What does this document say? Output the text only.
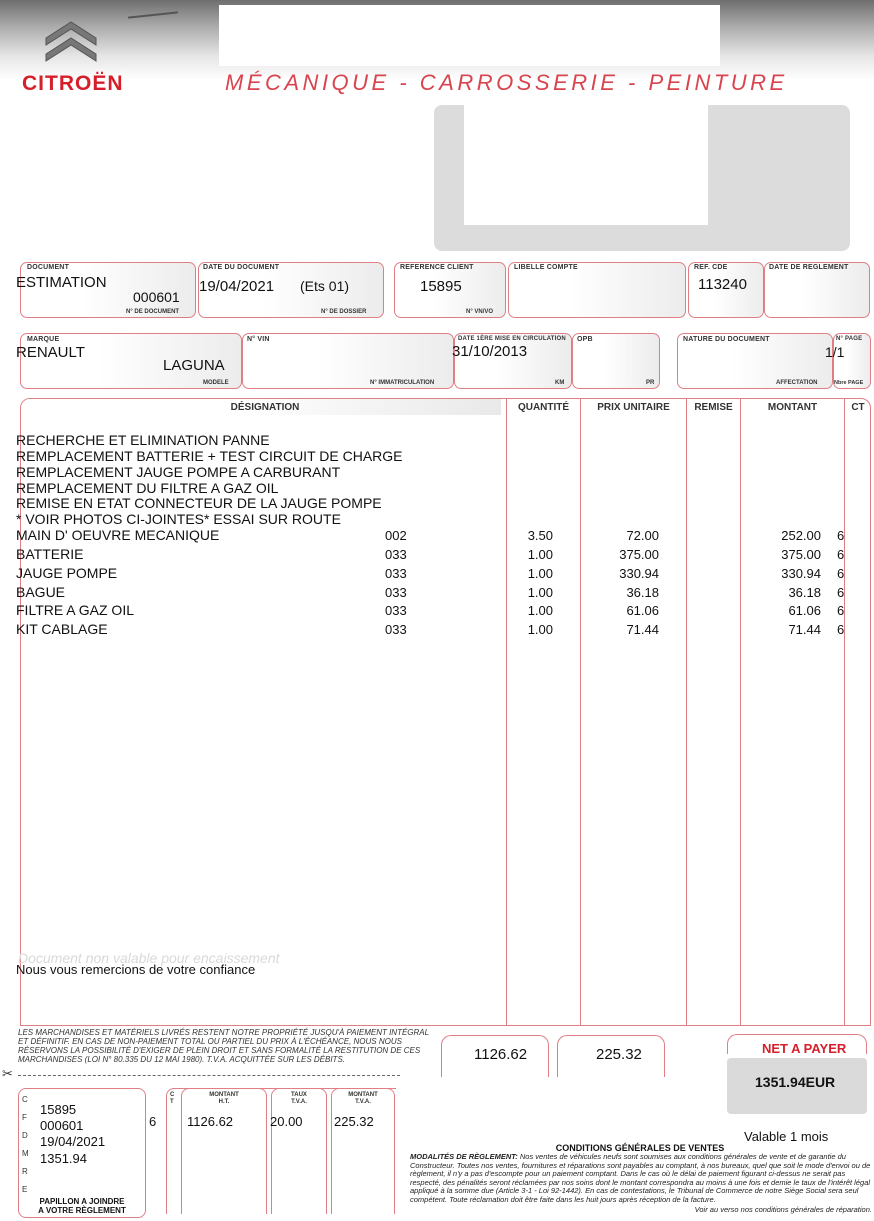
CITROËN	MÉCANIQUE - CARROSSERIE - PEINTURE
DOCUMENT
ESTIMATION
000601
N° DE DOCUMENT
DATE DU DOCUMENT
19/04/2021 (Ets 01)
N° DE DOSSIER
REFERENCE CLIENT
15895
N° VN/VO
LIBELLE COMPTE	REF. CDE
113240
DATE DE REGLEMENT
MARQUE
RENAULT
LAGUNA
MODELE
N° VIN
N° IMMATRICULATION
DATE 1ÈRE MISE EN CIRCULATION
31/10/2013
KM
OPB
PR
NATURE DU DOCUMENT
AFFECTATION
N° PAGE
1/1
Nbre PAGE
DÉSIGNATION	QUANTITÉ	PRIX UNITAIRE	REMISE	MONTANT	CT
RECHERCHE ET ELIMINATION PANNE
REMPLACEMENT BATTERIE + TEST CIRCUIT DE CHARGE
REMPLACEMENT JAUGE POMPE A CARBURANT
REMPLACEMENT DU FILTRE A GAZ OIL
REMISE EN ETAT CONNECTEUR DE LA JAUGE POMPE
* VOIR PHOTOS CI-JOINTES* ESSAI SUR ROUTE
MAIN D' OEUVRE MECANIQUE	002	3.50	72.00	252.00 6
BATTERIE	033	1.00	375.00	375.00 6
JAUGE POMPE	033	1.00	330.94	330.94 6
BAGUE	033	1.00	36.18	36.18 6
FILTRE A GAZ OIL	033	1.00	61.06	61.06 6
KIT CABLAGE	033	1.00	71.44	71.44 6
Document non valable pour encaissement
Nous vous remercions de votre confiance
LES MARCHANDISES ET MATÉRIELS LIVRÉS RESTENT NOTRE PROPRIÉTÉ JUSQU'À PAIEMENT INTÉGRAL ET DÉFINITIF. EN CAS DE NON-PAIEMENT TOTAL OU PARTIEL DU PRIX À L'ÉCHÉANCE, NOUS NOUS RÉSERVONS LA POSSIBILITÉ D'EXIGER DE PLEIN DROIT ET SANS FORMALITÉ LA RESTITUTION DE CES MARCHANDISES (LOI N° 80.335 DU 12 MAI 1980). T.V.A. ACQUITTÉE SUR LES DÉBITS.	1126.62	225.32	NET A PAYER
1351.94EUR
Valable 1 mois
✂
C
F
D
M
R
E
15895
000601
19/04/2021
1351.94
PAPILLON A JOINDRE
A VOTRE RÈGLEMENT
C
T
MONTANT
H.T.
TAUX
T.V.A.
MONTANT
T.V.A.
6 1126.62	20.00 225.32
CONDITIONS GÉNÉRALES DE VENTES
MODALITÉS DE RÈGLEMENT: Nos ventes de véhicules neufs sont soumises aux conditions générales de vente et de garantie du Constructeur. Toutes nos ventes, fournitures et réparations sont payables au comptant, à nos bureaux, quel que soit le mode d'envoi ou de règlement, il n'y a pas d'escompte pour un paiement comptant. Dans le cas où le délai de paiement figurant ci-dessus ne serait pas respecté, des pénalités seront réclamées par nos soins dont le montant correspondra au moins à une fois et demie le taux de l'intérêt légal appliqué à la somme due (Article 3-1 - Loi 92-1442). En cas de contestations, le Tribunal de Commerce de notre Siège Social sera seul compétent. Toute réclamation doit être faite dans les huit jours après réception de la facture.
Voir au verso nos conditions générales de réparation.
